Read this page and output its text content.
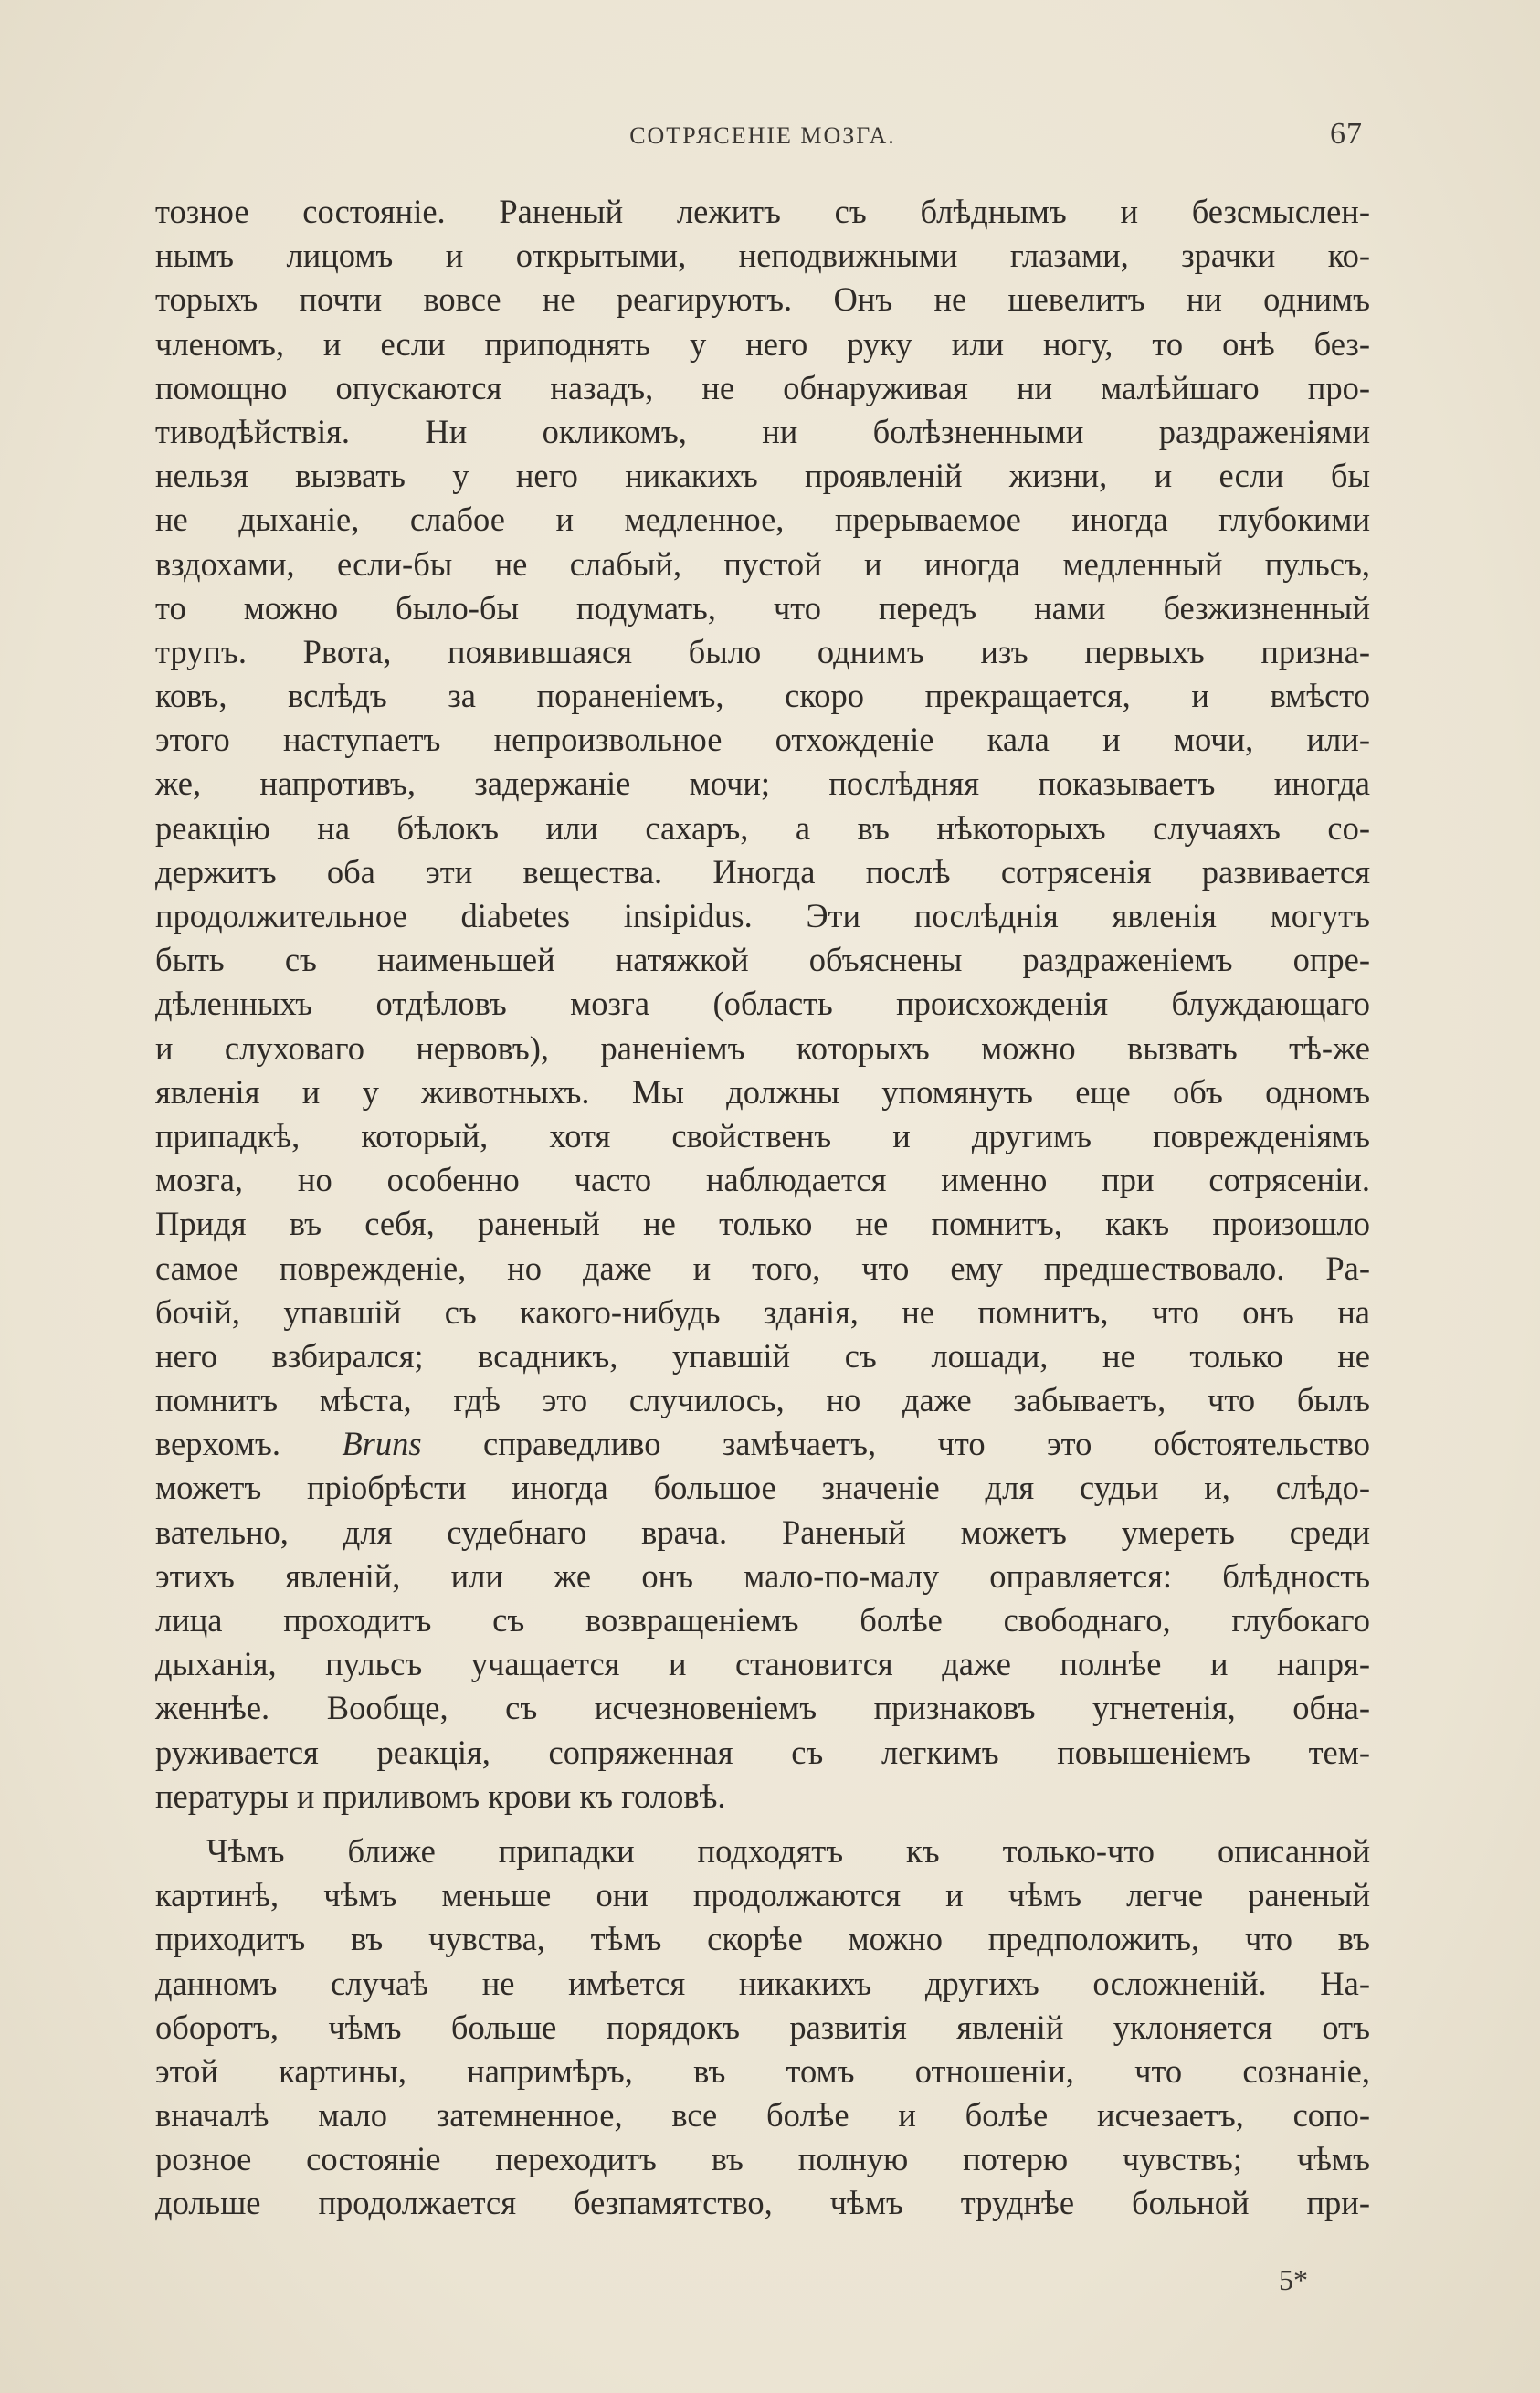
СОТРЯСЕНІЕ МОЗГА.	67
тозное состояніе. Раненый лежитъ съ блѣднымъ и безсмыслен-
нымъ лицомъ и открытыми, неподвижными глазами, зрачки ко-
торыхъ почти вовсе не реагируютъ. Онъ не шевелитъ ни однимъ
членомъ, и если приподнять у него руку или ногу, то онѣ без-
помощно опускаются назадъ, не обнаруживая ни малѣйшаго про-
тиводѣйствія. Ни окликомъ, ни болѣзненными раздраженіями
нельзя вызвать у него никакихъ проявленій жизни, и если бы
не дыханіе, слабое и медленное, прерываемое иногда глубокими
вздохами, если-бы не слабый, пустой и иногда медленный пульсъ,
то можно было-бы подумать, что передъ нами безжизненный
трупъ. Рвота, появившаяся было однимъ изъ первыхъ призна-
ковъ, вслѣдъ за пораненіемъ, скоро прекращается, и вмѣсто
этого наступаетъ непроизвольное отхожденіе кала и мочи, или-
же, напротивъ, задержаніе мочи; послѣдняя показываетъ иногда
реакцію на бѣлокъ или сахаръ, а въ нѣкоторыхъ случаяхъ со-
держитъ оба эти вещества. Иногда послѣ сотрясенія развивается
продолжительное diabetes insipidus. Эти послѣднія явленія могутъ
быть съ наименьшей натяжкой объяснены раздраженіемъ опре-
дѣленныхъ отдѣловъ мозга (область происхожденія блуждающаго
и слуховаго нервовъ), раненіемъ которыхъ можно вызвать тѣ-же
явленія и у животныхъ. Мы должны упомянуть еще объ одномъ
припадкѣ, который, хотя свойственъ и другимъ поврежденіямъ
мозга, но особенно часто наблюдается именно при сотрясеніи.
Придя въ себя, раненый не только не помнитъ, какъ произошло
самое поврежденіе, но даже и того, что ему предшествовало. Ра-
бочій, упавшій съ какого-нибудь зданія, не помнитъ, что онъ на
него взбирался; всадникъ, упавшій съ лошади, не только не
помнитъ мѣста, гдѣ это случилось, но даже забываетъ, что былъ
верхомъ. Bruns справедливо замѣчаетъ, что это обстоятельство
можетъ пріобрѣсти иногда большое значеніе для судьи и, слѣдо-
вательно, для судебнаго врача. Раненый можетъ умереть среди
этихъ явленій, или же онъ мало-по-малу оправляется: блѣдность
лица проходитъ съ возвращеніемъ болѣе свободнаго, глубокаго
дыханія, пульсъ учащается и становится даже полнѣе и напря-
женнѣе. Вообще, съ исчезновеніемъ признаковъ угнетенія, обна-
руживается реакція, сопряженная съ легкимъ повышеніемъ тем-
пературы и приливомъ крови къ головѣ.
Чѣмъ ближе припадки подходятъ къ только-что описанной
картинѣ, чѣмъ меньше они продолжаются и чѣмъ легче раненый
приходитъ въ чувства, тѣмъ скорѣе можно предположить, что въ
данномъ случаѣ не имѣется никакихъ другихъ осложненій. На-
оборотъ, чѣмъ больше порядокъ развитія явленій уклоняется отъ
этой картины, напримѣръ, въ томъ отношеніи, что сознаніе,
вначалѣ мало затемненное, все болѣе и болѣе исчезаетъ, сопо-
розное состояніе переходитъ въ полную потерю чувствъ; чѣмъ
дольше продолжается безпамятство, чѣмъ труднѣе больной при-
5*
